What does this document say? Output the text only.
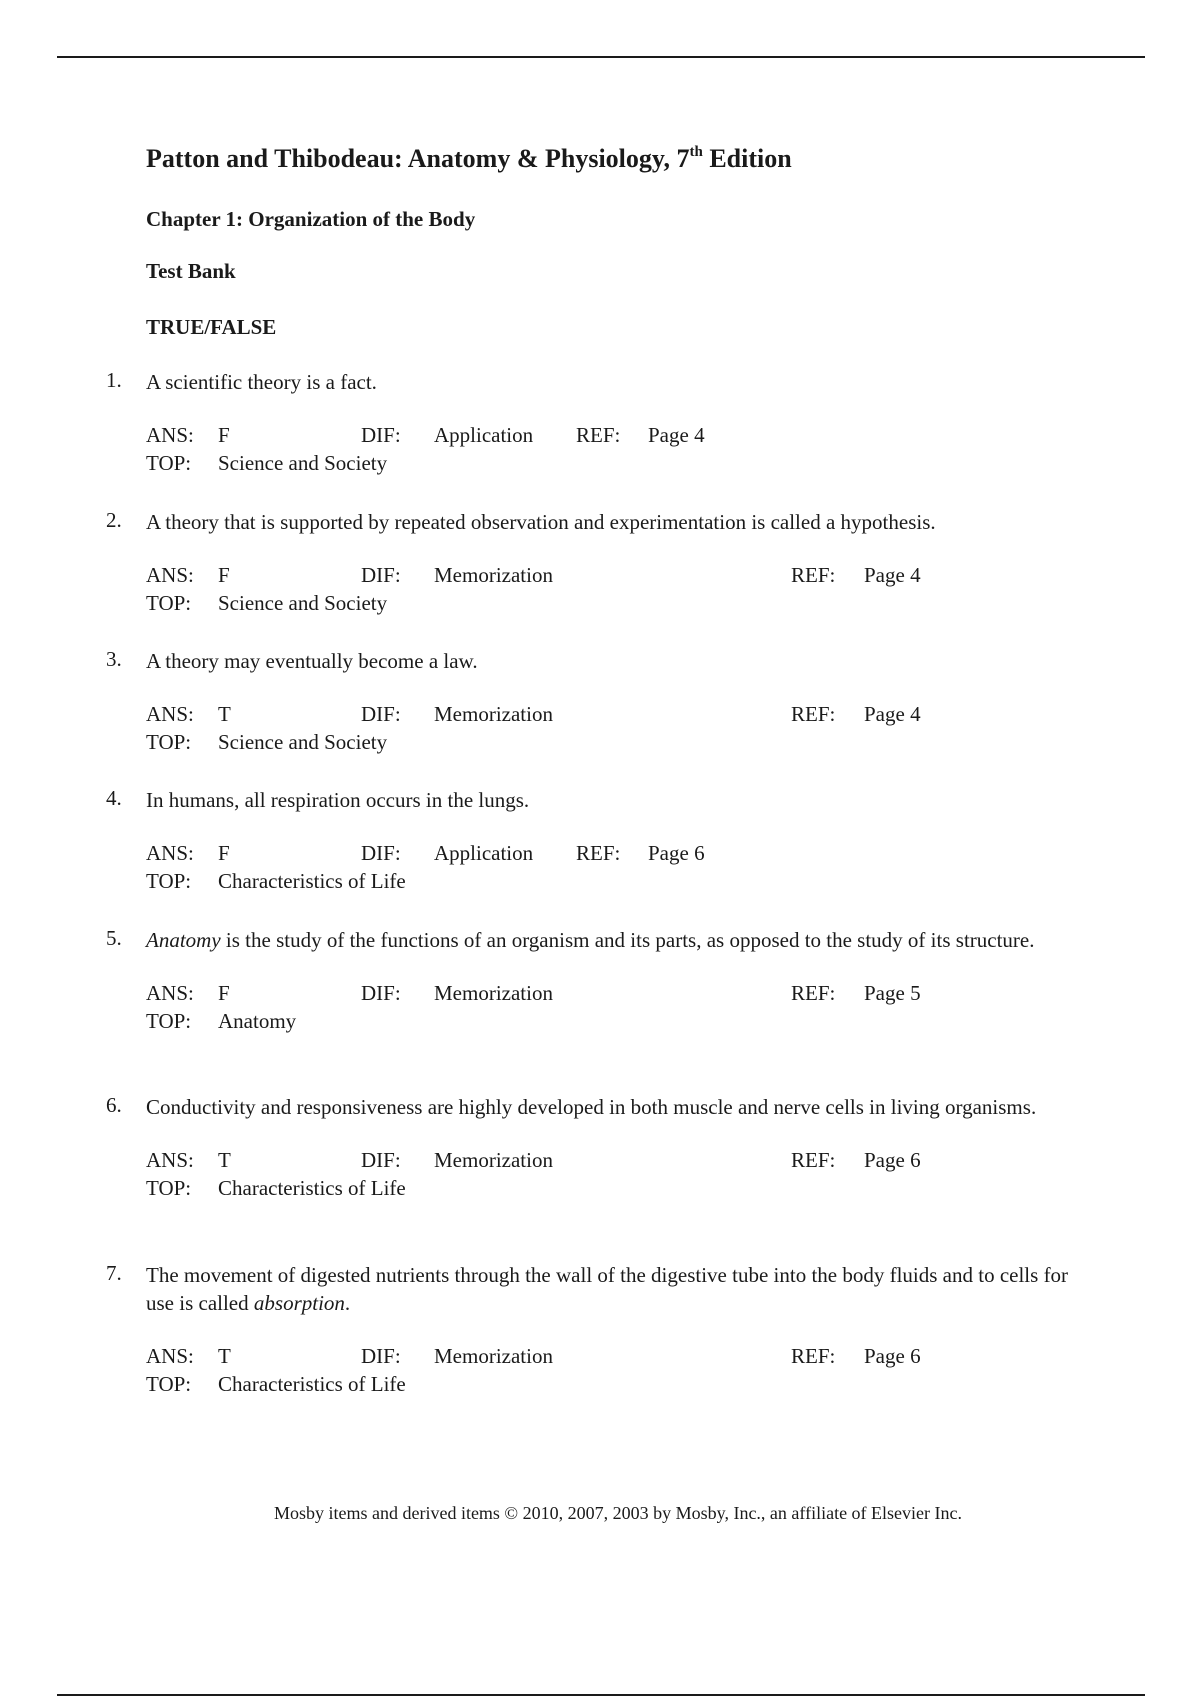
Patton and Thibodeau: Anatomy & Physiology, 7th Edition
Chapter 1: Organization of the Body
Test Bank
TRUE/FALSE
1.	A scientific theory is a fact.
ANS: F	DIF: Application REF: Page 4
TOP: Science and Society
2.	A theory that is supported by repeated observation and experimentation is called a hypothesis.
ANS: F	DIF: Memorization	REF: Page 4
TOP: Science and Society
3.	A theory may eventually become a law.
ANS: T	DIF: Memorization	REF: Page 4
TOP: Science and Society
4.	In humans, all respiration occurs in the lungs.
ANS: F	DIF: Application REF: Page 6
TOP: Characteristics of Life
5.	Anatomy is the study of the functions of an organism and its parts, as opposed to the study of its structure.
ANS: F	DIF: Memorization	REF: Page 5
TOP: Anatomy
6.	Conductivity and responsiveness are highly developed in both muscle and nerve cells in living organisms.
ANS: T	DIF: Memorization	REF: Page 6
TOP: Characteristics of Life
7.	The movement of digested nutrients through the wall of the digestive tube into the body fluids and to cells for use is called absorption.
ANS: T	DIF: Memorization	REF: Page 6
TOP: Characteristics of Life
Mosby items and derived items © 2010, 2007, 2003 by Mosby, Inc., an affiliate of Elsevier Inc.
